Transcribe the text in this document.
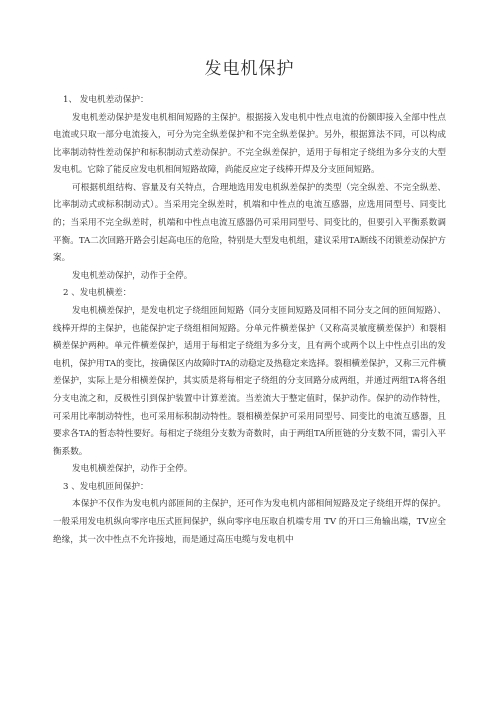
发电机保护

1、 发电机差动保护：

发电机差动保护是发电机相间短路的主保护。根据接入发电机中性点电流的份额即接入全部中性点电流或只取一部分电流接入，可分为完全纵差保护和不完全纵差保护。另外，根据算法不同，可以构成比率制动特性差动保护和标积制动式差动保护。不完全纵差保护，适用于每相定子绕组为多分支的大型发电机。它除了能反应发电机相间短路故障，尚能反应定子线棒开焊及分支匝间短路。

可根据机组结构、容量及有关特点，合理地选用发电机纵差保护的类型（完全纵差、不完全纵差、比率制动式或标积制动式）。当采用完全纵差时，机端和中性点的电流互感器，应选用同型号、同变比的；当采用不完全纵差时，机端和中性点电流互感器仍可采用同型号、同变比的，但要引入平衡系数调平衡。TA二次回路开路会引起高电压的危险，特别是大型发电机组，建议采用TA断线不闭锁差动保护方案。

发电机差动保护，动作于全停。

2 、发电机横差：

发电机横差保护，是发电机定子绕组匝间短路（同分支匝间短路及同相不同分支之间的匝间短路）、线棒开焊的主保护，也能保护定子绕组相间短路。分单元件横差保护（又称高灵敏度横差保护）和裂相横差保护两种。单元件横差保护，适用于每相定子绕组为多分支，且有两个或两个以上中性点引出的发电机，保护用TA的变比，按确保区内故障时TA的动稳定及热稳定来选择。裂相横差保护，又称三元件横差保护，实际上是分相横差保护，其实质是将每相定子绕组的分支回路分成两组，并通过两组TA将各组分支电流之和，反极性引到保护装置中计算差流。当差流大于整定值时，保护动作。保护的动作特性，可采用比率制动特性，也可采用标积制动特性。裂相横差保护可采用同型号、同变比的电流互感器，且要求各TA的暂态特性要好。每相定子绕组分支数为奇数时，由于两组TA所匝链的分支数不同，需引入平衡系数。

发电机横差保护，动作于全停。

3 、发电机匝间保护：

本保护不仅作为发电机内部匝间的主保护，还可作为发电机内部相间短路及定子绕组开焊的保护。一般采用发电机纵向零序电压式匝间保护，纵向零序电压取自机端专用 TV 的开口三角输出端，TV应全绝缘，其一次中性点不允许接地，而是通过高压电缆与发电机中
